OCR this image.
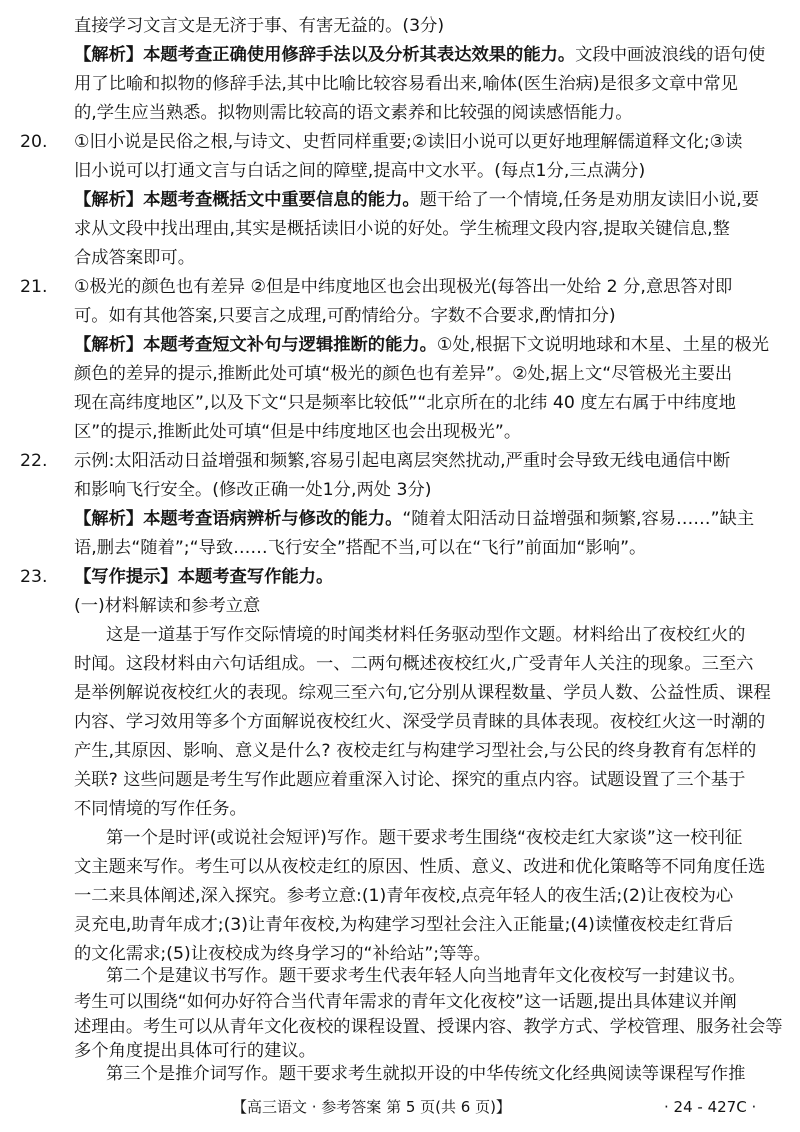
直接学习文言文是无济于事、有害无益的。(3分)
【解析】本题考查正确使用修辞手法以及分析其表达效果的能力。文段中画波浪线的语句使
用了比喻和拟物的修辞手法,其中比喻比较容易看出来,喻体(医生治病)是很多文章中常见
的,学生应当熟悉。拟物则需比较高的语文素养和比较强的阅读感悟能力。
20. ①旧小说是民俗之根,与诗文、史哲同样重要;②读旧小说可以更好地理解儒道释文化;③读
旧小说可以打通文言与白话之间的障壁,提高中文水平。(每点1分,三点满分)
【解析】本题考查概括文中重要信息的能力。题干给了一个情境,任务是劝朋友读旧小说,要
求从文段中找出理由,其实是概括读旧小说的好处。学生梳理文段内容,提取关键信息,整
合成答案即可。
21. ①极光的颜色也有差异 ②但是中纬度地区也会出现极光(每答出一处给 2 分,意思答对即
可。如有其他答案,只要言之成理,可酌情给分。字数不合要求,酌情扣分)
【解析】本题考查短文补句与逻辑推断的能力。①处,根据下文说明地球和木星、土星的极光
颜色的差异的提示,推断此处可填“极光的颜色也有差异”。②处,据上文“尽管极光主要出
现在高纬度地区”,以及下文“只是频率比较低”“北京所在的北纬 40 度左右属于中纬度地
区”的提示,推断此处可填“但是中纬度地区也会出现极光”。
22. 示例:太阳活动日益增强和频繁,容易引起电离层突然扰动,严重时会导致无线电通信中断
和影响飞行安全。(修改正确一处1分,两处 3分)
【解析】本题考查语病辨析与修改的能力。“随着太阳活动日益增强和频繁,容易……”缺主
语,删去“随着”;“导致……飞行安全”搭配不当,可以在“飞行”前面加“影响”。
23. 【写作提示】本题考查写作能力。
(一)材料解读和参考立意
这是一道基于写作交际情境的时闻类材料任务驱动型作文题。材料给出了夜校红火的
时闻。这段材料由六句话组成。一、二两句概述夜校红火,广受青年人关注的现象。三至六
是举例解说夜校红火的表现。综观三至六句,它分别从课程数量、学员人数、公益性质、课程
内容、学习效用等多个方面解说夜校红火、深受学员青睐的具体表现。夜校红火这一时潮的
产生,其原因、影响、意义是什么? 夜校走红与构建学习型社会,与公民的终身教育有怎样的
关联? 这些问题是考生写作此题应着重深入讨论、探究的重点内容。试题设置了三个基于
不同情境的写作任务。
第一个是时评(或说社会短评)写作。题干要求考生围绕“夜校走红大家谈”这一校刊征
文主题来写作。考生可以从夜校走红的原因、性质、意义、改进和优化策略等不同角度任选
一二来具体阐述,深入探究。参考立意:(1)青年夜校,点亮年轻人的夜生活;(2)让夜校为心
灵充电,助青年成才;(3)让青年夜校,为构建学习型社会注入正能量;(4)读懂夜校走红背后
的文化需求;(5)让夜校成为终身学习的“补给站”;等等。
第二个是建议书写作。题干要求考生代表年轻人向当地青年文化夜校写一封建议书。
考生可以围绕“如何办好符合当代青年需求的青年文化夜校”这一话题,提出具体建议并阐
述理由。考生可以从青年文化夜校的课程设置、授课内容、教学方式、学校管理、服务社会等
多个角度提出具体可行的建议。
【高三语文 · 参考答案 第 5 页(共 6 页)】	· 24 - 427C ·
第三个是推介词写作。题干要求考生就拟开设的中华传统文化经典阅读等课程写作推
